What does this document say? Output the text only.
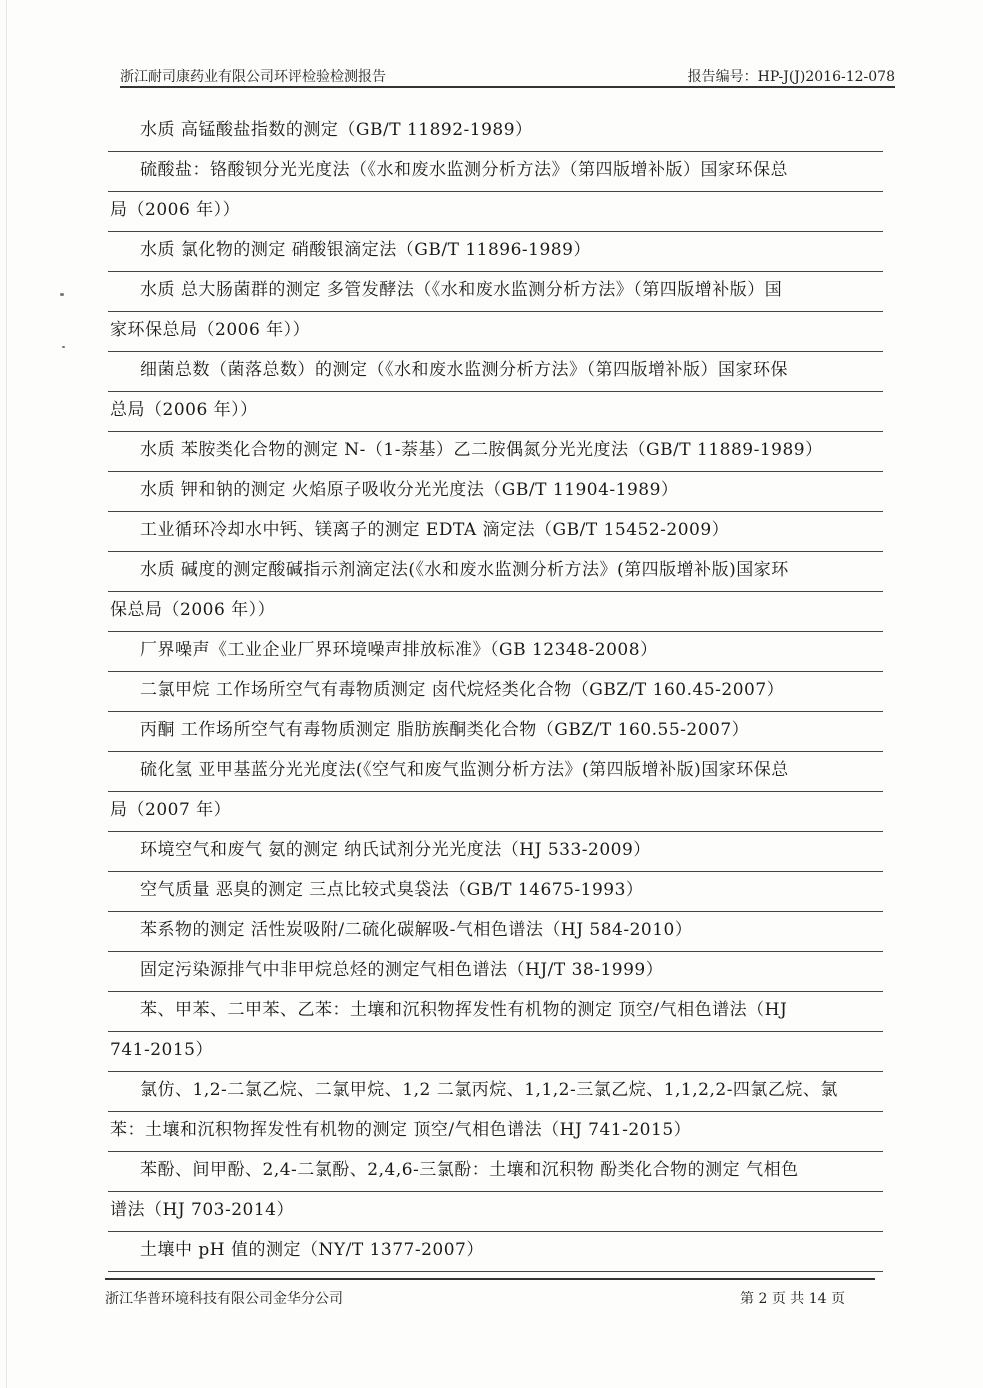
浙江耐司康药业有限公司环评检验检测报告	报告编号：HP-J(J)2016-12-078
水质 高锰酸盐指数的测定（GB/T 11892-1989）
硫酸盐：铬酸钡分光光度法（《水和废水监测分析方法》（第四版增补版）国家环保总
局（2006 年））
水质 氯化物的测定 硝酸银滴定法（GB/T 11896-1989）
水质 总大肠菌群的测定 多管发酵法（《水和废水监测分析方法》（第四版增补版）国
家环保总局（2006 年））
细菌总数（菌落总数）的测定（《水和废水监测分析方法》（第四版增补版）国家环保
总局（2006 年））
水质 苯胺类化合物的测定 N-（1-萘基）乙二胺偶氮分光光度法（GB/T 11889-1989）
水质 钾和钠的测定 火焰原子吸收分光光度法（GB/T 11904-1989）
工业循环冷却水中钙、镁离子的测定 EDTA 滴定法（GB/T 15452-2009）
水质 碱度的测定酸碱指示剂滴定法(《水和废水监测分析方法》(第四版增补版)国家环
保总局（2006 年））
厂界噪声《工业企业厂界环境噪声排放标准》（GB 12348-2008）
二氯甲烷 工作场所空气有毒物质测定 卤代烷烃类化合物（GBZ/T 160.45-2007）
丙酮 工作场所空气有毒物质测定 脂肪族酮类化合物（GBZ/T 160.55-2007）
硫化氢 亚甲基蓝分光光度法(《空气和废气监测分析方法》(第四版增补版)国家环保总
局（2007 年）
环境空气和废气 氨的测定 纳氏试剂分光光度法（HJ 533-2009）
空气质量 恶臭的测定 三点比较式臭袋法（GB/T 14675-1993）
苯系物的测定 活性炭吸附/二硫化碳解吸-气相色谱法（HJ 584-2010）
固定污染源排气中非甲烷总烃的测定气相色谱法（HJ/T 38-1999）
苯、甲苯、二甲苯、乙苯：土壤和沉积物挥发性有机物的测定 顶空/气相色谱法（HJ
741-2015）
氯仿、1,2-二氯乙烷、二氯甲烷、1,2 二氯丙烷、1,1,2-三氯乙烷、1,1,2,2-四氯乙烷、氯
苯：土壤和沉积物挥发性有机物的测定 顶空/气相色谱法（HJ 741-2015）
苯酚、间甲酚、2,4-二氯酚、2,4,6-三氯酚：土壤和沉积物 酚类化合物的测定 气相色
谱法（HJ 703-2014）
土壤中 pH 值的测定（NY/T 1377-2007）
浙江华普环境科技有限公司金华分公司	第 2 页 共 14 页
